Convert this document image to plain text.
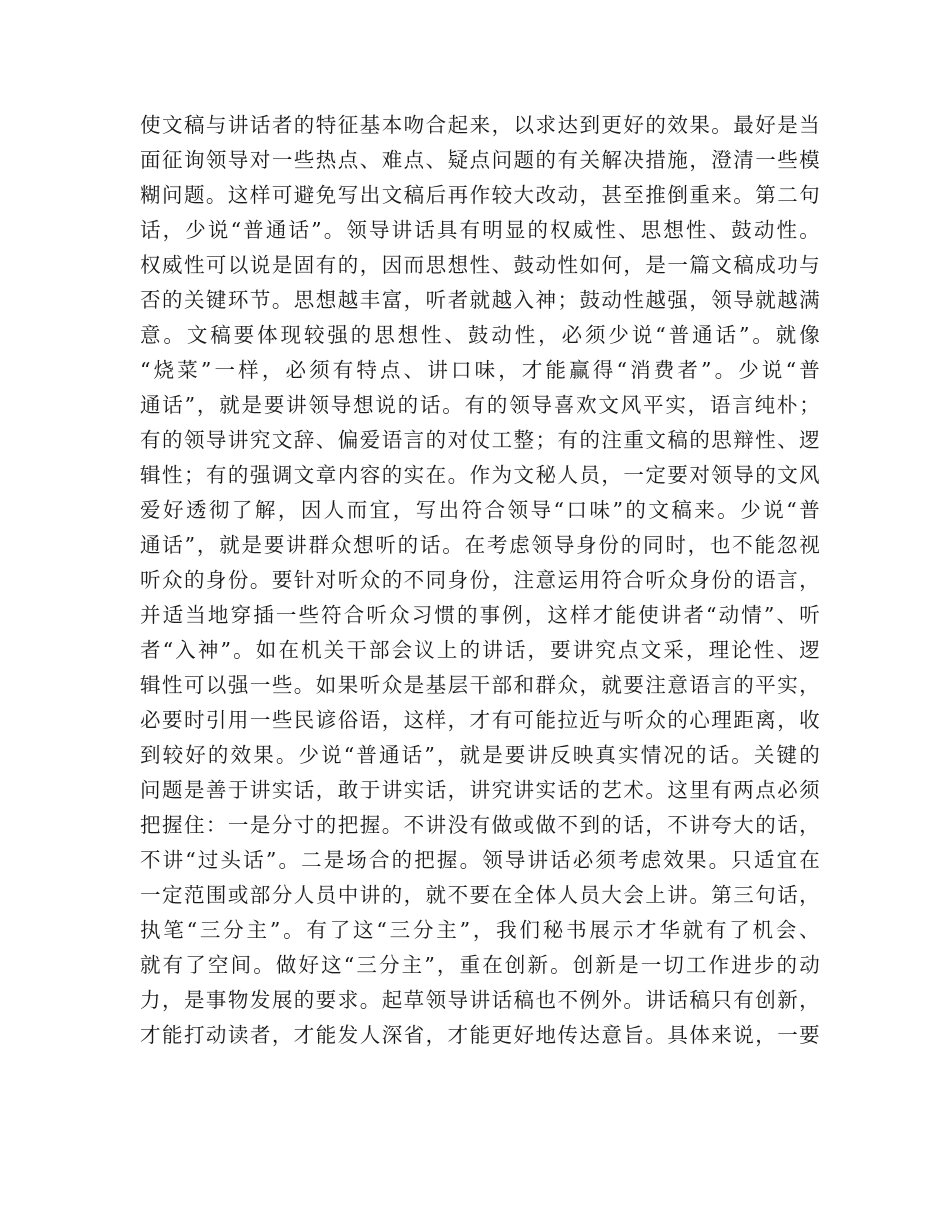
使文稿与讲话者的特征基本吻合起来，以求达到更好的效果。最好是当
面征询领导对一些热点、难点、疑点问题的有关解决措施，澄清一些模
糊问题。这样可避免写出文稿后再作较大改动，甚至推倒重来。第二句
话，少说“普通话”。领导讲话具有明显的权威性、思想性、鼓动性。
权威性可以说是固有的，因而思想性、鼓动性如何，是一篇文稿成功与
否的关键环节。思想越丰富，听者就越入神；鼓动性越强，领导就越满
意。文稿要体现较强的思想性、鼓动性，必须少说“普通话”。就像
“烧菜”一样，必须有特点、讲口味，才能赢得“消费者”。少说“普
通话”，就是要讲领导想说的话。有的领导喜欢文风平实，语言纯朴；
有的领导讲究文辞、偏爱语言的对仗工整；有的注重文稿的思辩性、逻
辑性；有的强调文章内容的实在。作为文秘人员，一定要对领导的文风
爱好透彻了解，因人而宜，写出符合领导“口味”的文稿来。少说“普
通话”，就是要讲群众想听的话。在考虑领导身份的同时，也不能忽视
听众的身份。要针对听众的不同身份，注意运用符合听众身份的语言，
并适当地穿插一些符合听众习惯的事例，这样才能使讲者“动情”、听
者“入神”。如在机关干部会议上的讲话，要讲究点文采，理论性、逻
辑性可以强一些。如果听众是基层干部和群众，就要注意语言的平实，
必要时引用一些民谚俗语，这样，才有可能拉近与听众的心理距离，收
到较好的效果。少说“普通话”，就是要讲反映真实情况的话。关键的
问题是善于讲实话，敢于讲实话，讲究讲实话的艺术。这里有两点必须
把握住：一是分寸的把握。不讲没有做或做不到的话，不讲夸大的话，
不讲“过头话”。二是场合的把握。领导讲话必须考虑效果。只适宜在
一定范围或部分人员中讲的，就不要在全体人员大会上讲。第三句话，
执笔“三分主”。有了这“三分主”，我们秘书展示才华就有了机会、
就有了空间。做好这“三分主”，重在创新。创新是一切工作进步的动
力，是事物发展的要求。起草领导讲话稿也不例外。讲话稿只有创新，
才能打动读者，才能发人深省，才能更好地传达意旨。具体来说，一要
